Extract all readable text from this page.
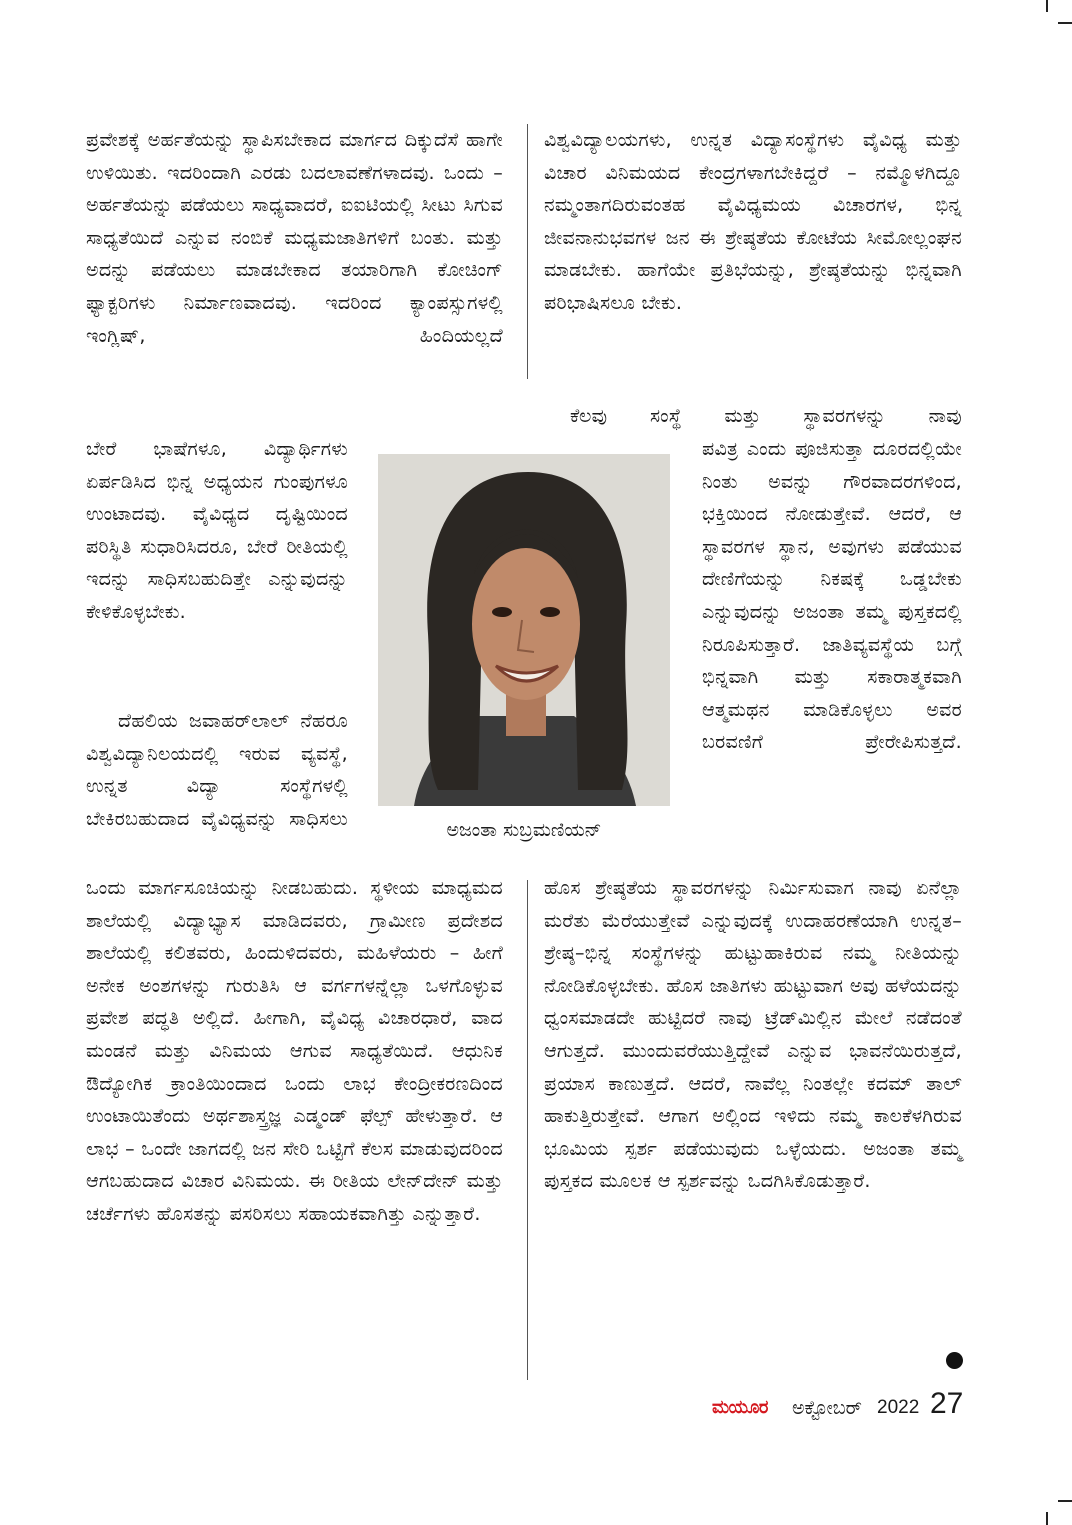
ಪ್ರವೇಶಕ್ಕೆ ಅರ್ಹತೆಯನ್ನು ಸ್ಥಾಪಿಸಬೇಕಾದ ಮಾರ್ಗದ ದಿಕ್ಕುದೆಸೆ ಹಾಗೇ ಉಳಿಯಿತು. ಇದರಿಂದಾಗಿ ಎರಡು ಬದಲಾವಣೆಗಳಾದವು. ಒಂದು – ಅರ್ಹತೆಯನ್ನು ಪಡೆಯಲು ಸಾಧ್ಯವಾದರೆ, ಐಐಟಿಯಲ್ಲಿ ಸೀಟು ಸಿಗುವ ಸಾಧ್ಯತೆಯಿದೆ ಎನ್ನುವ ನಂಬಿಕೆ ಮಧ್ಯಮಜಾತಿಗಳಿಗೆ ಬಂತು. ಮತ್ತು ಅದನ್ನು ಪಡೆಯಲು ಮಾಡಬೇಕಾದ ತಯಾರಿಗಾಗಿ ಕೋಚಿಂಗ್ ಫ್ಯಾಕ್ಟರಿಗಳು ನಿರ್ಮಾಣವಾದವು. ಇದರಿಂದ ಕ್ಯಾಂಪಸ್ಸುಗಳಲ್ಲಿ ಇಂಗ್ಲಿಷ್, ಹಿಂದಿಯಲ್ಲದೆ

ಬೇರೆ ಭಾಷೆಗಳೂ, ವಿದ್ಯಾರ್ಥಿಗಳು ಏರ್ಪಡಿಸಿದ ಭಿನ್ನ ಅಧ್ಯಯನ ಗುಂಪುಗಳೂ ಉಂಟಾದವು. ವೈವಿಧ್ಯದ ದೃಷ್ಟಿಯಿಂದ ಪರಿಸ್ಥಿತಿ ಸುಧಾರಿಸಿದರೂ, ಬೇರೆ ರೀತಿಯಲ್ಲಿ ಇದನ್ನು ಸಾಧಿಸಬಹುದಿತ್ತೇ ಎನ್ನುವುದನ್ನು ಕೇಳಿಕೊಳ್ಳಬೇಕು.

ದೆಹಲಿಯ ಜವಾಹರ್‌ಲಾಲ್ ನೆಹರೂ ವಿಶ್ವವಿದ್ಯಾನಿಲಯದಲ್ಲಿ ಇರುವ ವ್ಯವಸ್ಥೆ, ಉನ್ನತ ವಿದ್ಯಾ ಸಂಸ್ಥೆಗಳಲ್ಲಿ ಬೇಕಿರಬಹುದಾದ ವೈವಿಧ್ಯವನ್ನು ಸಾಧಿಸಲು

ಒಂದು ಮಾರ್ಗಸೂಚಿಯನ್ನು ನೀಡಬಹುದು. ಸ್ಥಳೀಯ ಮಾಧ್ಯಮದ ಶಾಲೆಯಲ್ಲಿ ವಿದ್ಯಾಭ್ಯಾಸ ಮಾಡಿದವರು, ಗ್ರಾಮೀಣ ಪ್ರದೇಶದ ಶಾಲೆಯಲ್ಲಿ ಕಲಿತವರು, ಹಿಂದುಳಿದವರು, ಮಹಿಳೆಯರು – ಹೀಗೆ ಅನೇಕ ಅಂಶಗಳನ್ನು ಗುರುತಿಸಿ ಆ ವರ್ಗಗಳನ್ನೆಲ್ಲಾ ಒಳಗೊಳ್ಳುವ ಪ್ರವೇಶ ಪದ್ಧತಿ ಅಲ್ಲಿದೆ. ಹೀಗಾಗಿ, ವೈವಿಧ್ಯ ವಿಚಾರಧಾರೆ, ವಾದ ಮಂಡನೆ ಮತ್ತು ವಿನಿಮಯ ಆಗುವ ಸಾಧ್ಯತೆಯಿದೆ. ಆಧುನಿಕ ಔದ್ಯೋಗಿಕ ಕ್ರಾಂತಿಯಿಂದಾದ ಒಂದು ಲಾಭ ಕೇಂದ್ರೀಕರಣದಿಂದ ಉಂಟಾಯಿತೆಂದು ಅರ್ಥಶಾಸ್ತ್ರಜ್ಞ ಎಡ್ಮಂಡ್ ಫೆಲ್ಪ್ ಹೇಳುತ್ತಾರೆ. ಆ ಲಾಭ – ಒಂದೇ ಜಾಗದಲ್ಲಿ ಜನ ಸೇರಿ ಒಟ್ಟಿಗೆ ಕೆಲಸ ಮಾಡುವುದರಿಂದ ಆಗಬಹುದಾದ ವಿಚಾರ ವಿನಿಮಯ. ಈ ರೀತಿಯ ಲೇನ್‌ದೇನ್ ಮತ್ತು ಚರ್ಚೆಗಳು ಹೊಸತನ್ನು ಪಸರಿಸಲು ಸಹಾಯಕವಾಗಿತ್ತು ಎನ್ನುತ್ತಾರೆ.

ವಿಶ್ವವಿದ್ಯಾಲಯಗಳು, ಉನ್ನತ ವಿದ್ಯಾಸಂಸ್ಥೆಗಳು ವೈವಿಧ್ಯ ಮತ್ತು ವಿಚಾರ ವಿನಿಮಯದ ಕೇಂದ್ರಗಳಾಗಬೇಕಿದ್ದರೆ – ನಮ್ಮೊಳಗಿದ್ದೂ ನಮ್ಮಂತಾಗದಿರುವಂತಹ ವೈವಿಧ್ಯಮಯ ವಿಚಾರಗಳ, ಭಿನ್ನ ಜೀವನಾನುಭವಗಳ ಜನ ಈ ಶ್ರೇಷ್ಠತೆಯ ಕೋಟೆಯ ಸೀಮೋಲ್ಲಂಘನ ಮಾಡಬೇಕು. ಹಾಗೆಯೇ ಪ್ರತಿಭೆಯನ್ನು, ಶ್ರೇಷ್ಠತೆಯನ್ನು ಭಿನ್ನವಾಗಿ ಪರಿಭಾಷಿಸಲೂ ಬೇಕು.

ಕೆಲವು ಸಂಸ್ಥೆ ಮತ್ತು ಸ್ಥಾವರಗಳನ್ನು ನಾವು

ಪವಿತ್ರ ಎಂದು ಪೂಜಿಸುತ್ತಾ ದೂರದಲ್ಲಿಯೇ ನಿಂತು ಅವನ್ನು ಗೌರವಾದರಗಳಿಂದ, ಭಕ್ತಿಯಿಂದ ನೋಡುತ್ತೇವೆ. ಆದರೆ, ಆ ಸ್ಥಾವರಗಳ ಸ್ಥಾನ, ಅವುಗಳು ಪಡೆಯುವ ದೇಣಿಗೆಯನ್ನು ನಿಕಷಕ್ಕೆ ಒಡ್ಡಬೇಕು ಎನ್ನುವುದನ್ನು ಅಜಂತಾ ತಮ್ಮ ಪುಸ್ತಕದಲ್ಲಿ ನಿರೂಪಿಸುತ್ತಾರೆ. ಜಾತಿವ್ಯವಸ್ಥೆಯ ಬಗ್ಗೆ ಭಿನ್ನವಾಗಿ ಮತ್ತು ಸಕಾರಾತ್ಮಕವಾಗಿ ಆತ್ಮಮಥನ ಮಾಡಿಕೊಳ್ಳಲು ಅವರ ಬರವಣಿಗೆ ಪ್ರೇರೇಪಿಸುತ್ತದೆ.

ಹೊಸ ಶ್ರೇಷ್ಠತೆಯ ಸ್ಥಾವರಗಳನ್ನು ನಿರ್ಮಿಸುವಾಗ ನಾವು ಏನೆಲ್ಲಾ ಮರೆತು ಮೆರೆಯುತ್ತೇವೆ ಎನ್ನುವುದಕ್ಕೆ ಉದಾಹರಣೆಯಾಗಿ ಉನ್ನತ–ಶ್ರೇಷ್ಠ–ಭಿನ್ನ ಸಂಸ್ಥೆಗಳನ್ನು ಹುಟ್ಟುಹಾಕಿರುವ ನಮ್ಮ ನೀತಿಯನ್ನು ನೋಡಿಕೊಳ್ಳಬೇಕು. ಹೊಸ ಜಾತಿಗಳು ಹುಟ್ಟುವಾಗ ಅವು ಹಳೆಯದನ್ನು ಧ್ವಂಸಮಾಡದೇ ಹುಟ್ಟಿದರೆ ನಾವು ಟ್ರೆಡ್‌ಮಿಲ್ಲಿನ ಮೇಲೆ ನಡೆದಂತೆ ಆಗುತ್ತದೆ. ಮುಂದುವರೆಯುತ್ತಿದ್ದೇವೆ ಎನ್ನುವ ಭಾವನೆಯಿರುತ್ತದೆ, ಪ್ರಯಾಸ ಕಾಣುತ್ತದೆ. ಆದರೆ, ನಾವೆಲ್ಲ ನಿಂತಲ್ಲೇ ಕದಮ್ ತಾಲ್ ಹಾಕುತ್ತಿರುತ್ತೇವೆ. ಆಗಾಗ ಅಲ್ಲಿಂದ ಇಳಿದು ನಮ್ಮ ಕಾಲಕೆಳಗಿರುವ ಭೂಮಿಯ ಸ್ಪರ್ಶ ಪಡೆಯುವುದು ಒಳ್ಳೆಯದು. ಅಜಂತಾ ತಮ್ಮ ಪುಸ್ತಕದ ಮೂಲಕ ಆ ಸ್ಪರ್ಶವನ್ನು ಒದಗಿಸಿಕೊಡುತ್ತಾರೆ.

ಅಜಂತಾ ಸುಬ್ರಮಣಿಯನ್
ಮಯೂರ ಅಕ್ಟೋಬರ್ 2022 27
